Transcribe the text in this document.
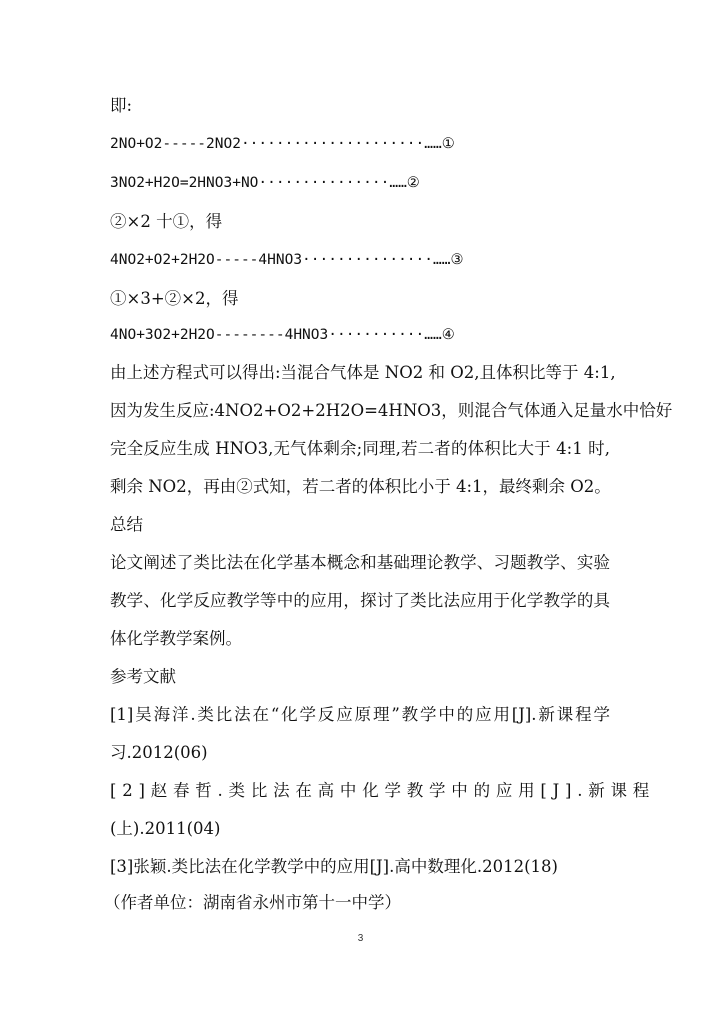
即:
2NO+O2-----2NO2·····················……①
3NO2+H2O=2HNO3+NO···············……②
②×2 十①，得
4NO2+O2+2H2O-----4HNO3···············……③
①×3+②×2，得
4NO+3O2+2H2O--------4HNO3···········……④
由上述方程式可以得出:当混合气体是 NO2 和 O2,且体积比等于 4:1,
因为发生反应:4NO2+O2+2H2O=4HNO3，则混合气体通入足量水中恰好
完全反应生成 HNO3,无气体剩余;同理,若二者的体积比大于 4:1 时,
剩余 NO2，再由②式知，若二者的体积比小于 4:1，最终剩余 O2。
总结
论文阐述了类比法在化学基本概念和基础理论教学、习题教学、实验
教学、化学反应教学等中的应用，探讨了类比法应用于化学教学的具
体化学教学案例。
参考文献
[1]吴海洋.类比法在“化学反应原理”教学中的应用[J].新课程学
习.2012(06)
[2]赵春哲.类比法在高中化学教学中的应用[J].新课程
(上).2011(04)
[3]张颖.类比法在化学教学中的应用[J].高中数理化.2012(18)
（作者单位：湖南省永州市第十一中学）
3
